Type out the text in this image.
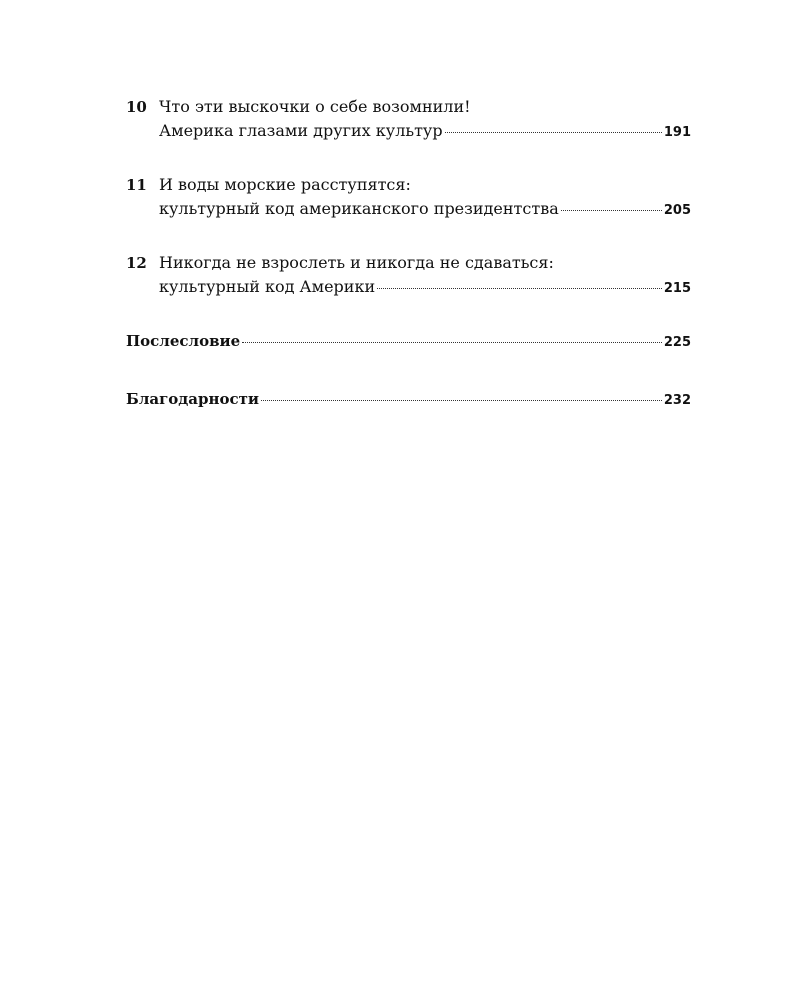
10 Что эти выскочки о себе возомнили!
Америка глазами других культур	191
11 И воды морские расступятся:
культурный код американского президентства	205
12 Никогда не взрослеть и никогда не сдаваться:
культурный код Америки	215
Послесловие	225
Благодарности	232
